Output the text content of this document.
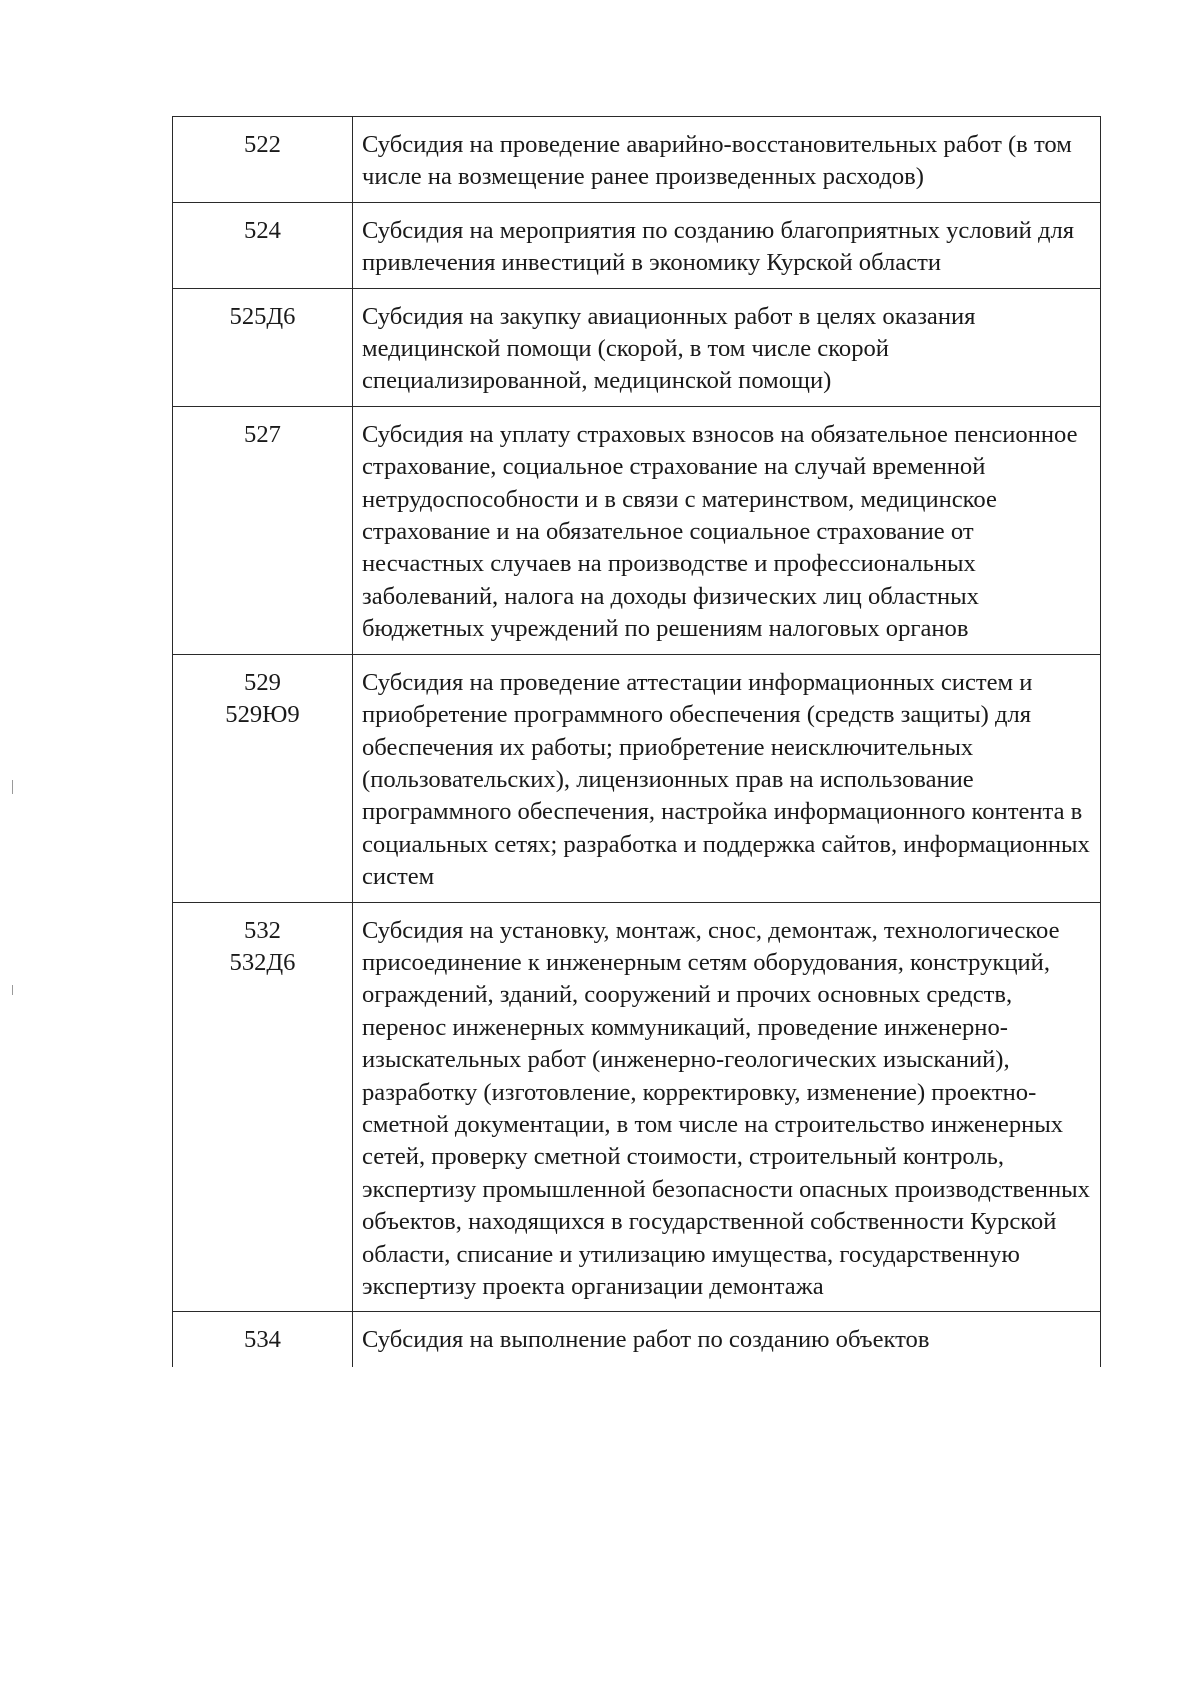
522	Субсидия на проведение аварийно-восстановительных работ (в том числе на возмещение ранее произведенных расходов)

524	Субсидия на мероприятия по созданию благоприятных условий для привлечения инвестиций в экономику Курской области

525Д6	Субсидия на закупку авиационных работ в целях оказания медицинской помощи (скорой, в том числе скорой специализированной, медицинской помощи)

527	Субсидия на уплату страховых взносов на обязательное пенсионное страхование, социальное страхование на случай временной нетрудоспособности и в связи с материнством, медицинское страхование и на обязательное социальное страхование от несчастных случаев на производстве и профессиональных заболеваний, налога на доходы физических лиц областных бюджетных учреждений по решениям налоговых органов

529
529Ю9	Субсидия на проведение аттестации информационных систем и приобретение программного обеспечения (средств защиты) для обеспечения их работы; приобретение неисключительных (пользовательских), лицензионных прав на использование программного обеспечения, настройка информационного контента в социальных сетях; разработка и поддержка сайтов, информационных систем

532
532Д6	Субсидия на установку, монтаж, снос, демонтаж, технологическое присоединение к инженерным сетям оборудования, конструкций, ограждений, зданий, сооружений и прочих основных средств, перенос инженерных коммуникаций, проведение инженерно-изыскательных работ (инженерно-геологических изысканий), разработку (изготовление, корректировку, изменение) проектно-сметной документации, в том числе на строительство инженерных сетей, проверку сметной стоимости, строительный контроль, экспертизу промышленной безопасности опасных производственных объектов, находящихся в государственной собственности Курской области, списание и утилизацию имущества, государственную экспертизу проекта организации демонтажа

534	Субсидия на выполнение работ по созданию объектов
